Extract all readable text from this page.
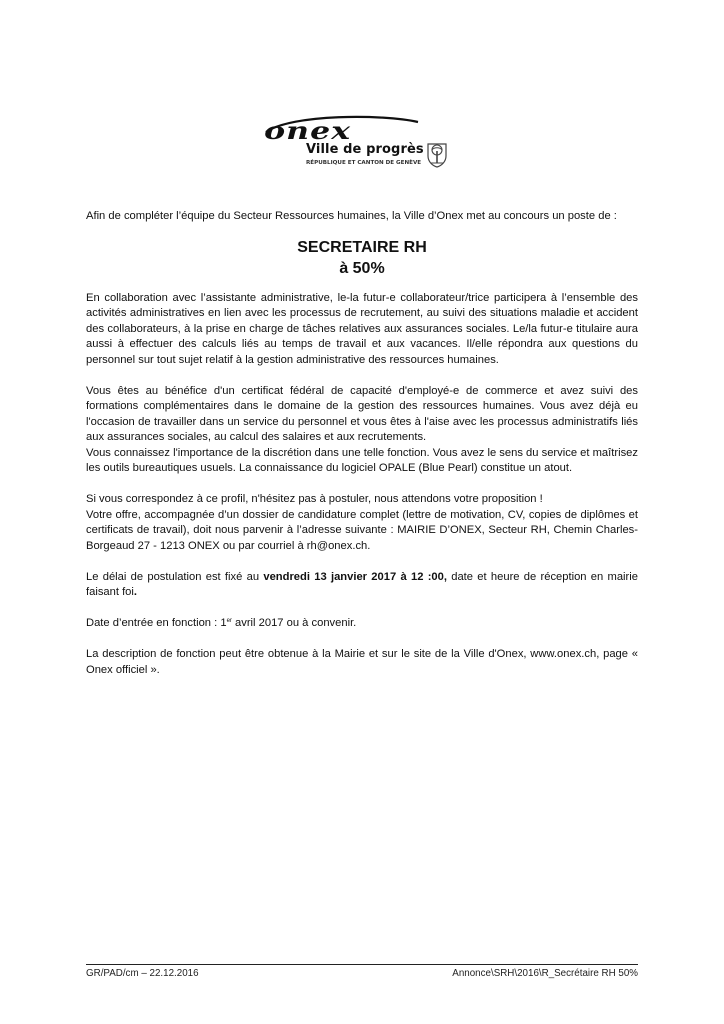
onex
Ville de progrès
RÉPUBLIQUE ET CANTON DE GENÈVE

Afin de compléter l’équipe du Secteur Ressources humaines, la Ville d’Onex met au concours un poste de :

SECRETAIRE RH
à 50%

En collaboration avec l’assistante administrative, le-la futur-e collaborateur/trice participera à l’ensemble des activités administratives en lien avec les processus de recrutement, au suivi des situations maladie et accident des collaborateurs, à la prise en charge de tâches relatives aux assurances sociales. Le/la futur-e titulaire aura aussi à effectuer des calculs liés au temps de travail et aux vacances. Il/elle répondra aux questions du personnel sur tout sujet relatif à la gestion administrative des ressources humaines.

Vous êtes au bénéfice d'un certificat fédéral de capacité d'employé-e de commerce et avez suivi des formations complémentaires dans le domaine de la gestion des ressources humaines. Vous avez déjà eu l'occasion de travailler dans un service du personnel et vous êtes à l'aise avec les processus administratifs liés aux assurances sociales, au calcul des salaires et aux recrutements.

Vous connaissez l'importance de la discrétion dans une telle fonction. Vous avez le sens du service et maîtrisez les outils bureautiques usuels. La connaissance du logiciel OPALE (Blue Pearl) constitue un atout.

Si vous correspondez à ce profil, n'hésitez pas à postuler, nous attendons votre proposition !

Votre offre, accompagnée d’un dossier de candidature complet (lettre de motivation, CV, copies de diplômes et certificats de travail), doit nous parvenir à l’adresse suivante : MAIRIE D’ONEX, Secteur RH, Chemin Charles-Borgeaud 27 - 1213 ONEX ou par courriel à rh@onex.ch.

Le délai de postulation est fixé au vendredi 13 janvier 2017 à 12 :00, date et heure de réception en mairie faisant foi.

Date d’entrée en fonction : 1er avril 2017 ou à convenir.

La description de fonction peut être obtenue à la Mairie et sur le site de la Ville d'Onex, www.onex.ch, page « Onex officiel ».

GR/PAD/cm – 22.12.2016	Annonce\SRH\2016\R_Secrétaire RH 50%
